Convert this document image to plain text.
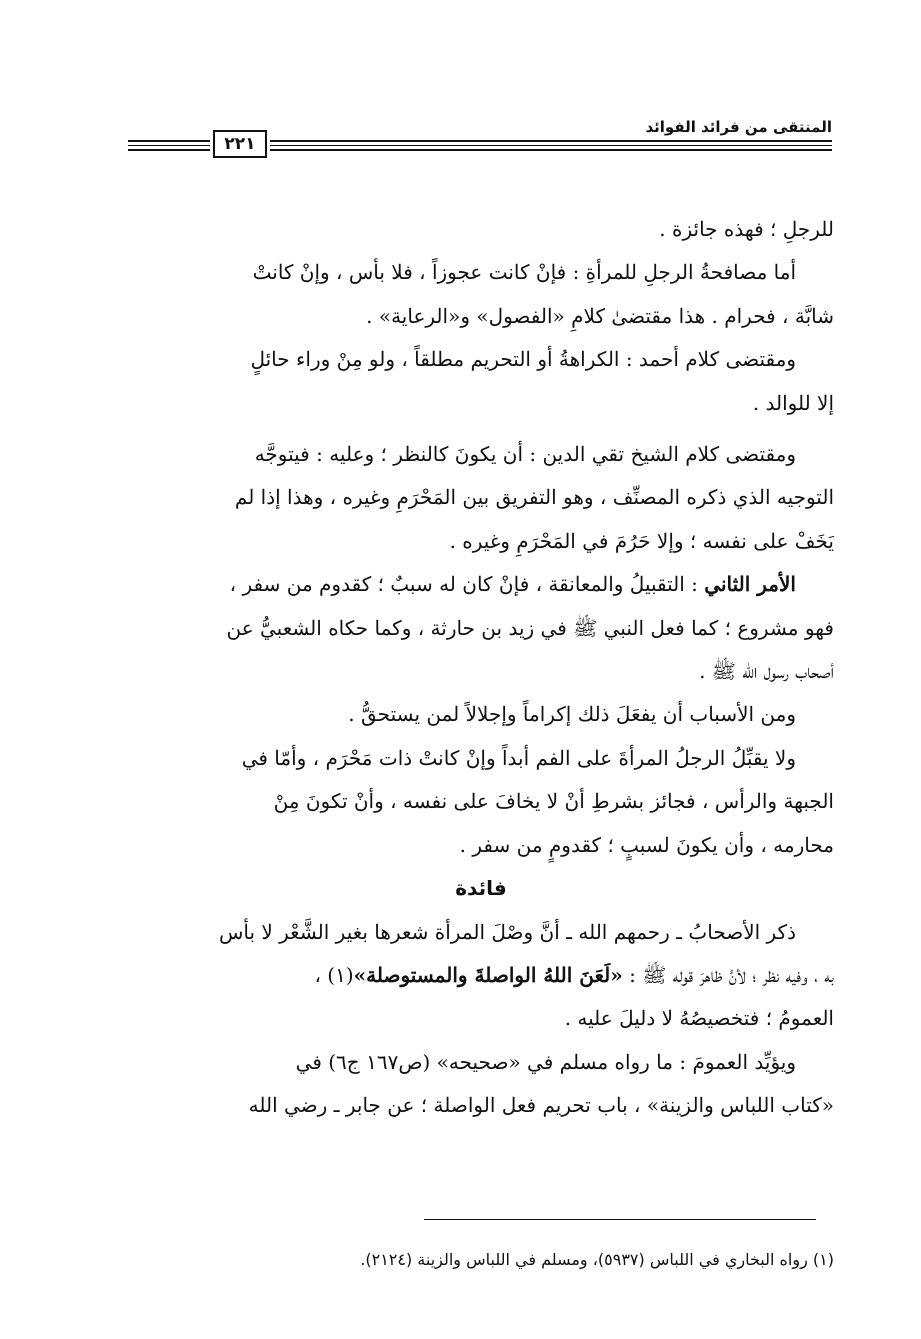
المنتقى من فرائد الفوائد
٢٢١
للرجلِ ؛ فهذه جائزة .
أما مصافحةُ الرجلِ للمرأةِ : فإنْ كانت عجوزاً ، فلا بأس ، وإنْ كانتْ
شابَّة ، فحرام . هذا مقتضىٰ كلامِ «الفصول» و«الرعاية» .
ومقتضى كلام أحمد : الكراهةُ أو التحريم مطلقاً ، ولو مِنْ وراء حائلٍ
إلا للوالد .
ومقتضى كلام الشيخ تقي الدين : أن يكونَ كالنظر ؛ وعليه : فيتوجَّه
التوجيه الذي ذكره المصنِّف ، وهو التفريق بين المَحْرَمِ وغيره ، وهذا إذا لم
يَخَفْ على نفسه ؛ وإلا حَرُمَ في المَحْرَمِ وغيره .
الأمر الثاني : التقبيلُ والمعانقة ، فإنْ كان له سببٌ ؛ كقدوم من سفر ،
فهو مشروع ؛ كما فعل النبي ﷺ في زيد بن حارثة ، وكما حكاه الشعبيُّ عن
أصحاب رسول الله ﷺ .
ومن الأسباب أن يفعَلَ ذلك إكراماً وإجلالاً لمن يستحقُّ .
ولا يقبِّلُ الرجلُ المرأةَ على الفم أبداً وإنْ كانتْ ذات مَحْرَم ، وأمّا في
الجبهة والرأس ، فجائز بشرطِ أنْ لا يخافَ على نفسه ، وأنْ تكونَ مِنْ
محارمه ، وأن يكونَ لسببٍ ؛ كقدومٍ من سفر .
فائدة
ذكر الأصحابُ ـ رحمهم الله ـ أنَّ وصْلَ المرأة شعرها بغير الشَّعْر لا بأس
به ، وفيه نظر ؛ لأنَّ ظاهرَ قوله ﷺ : «لَعَنَ اللهُ الواصلةَ والمستوصلة»(١) ،
العمومُ ؛ فتخصيصُهُ لا دليلَ عليه .
ويؤيِّد العمومَ : ما رواه مسلم في «صحيحه» (ص١٦٧ ج٦) في
«كتاب اللباس والزينة» ، باب تحريم فعل الواصلة ؛ عن جابر ـ رضي الله
(١) رواه البخاري في اللباس (٥٩٣٧)، ومسلم في اللباس والزينة (٢١٢٤).
